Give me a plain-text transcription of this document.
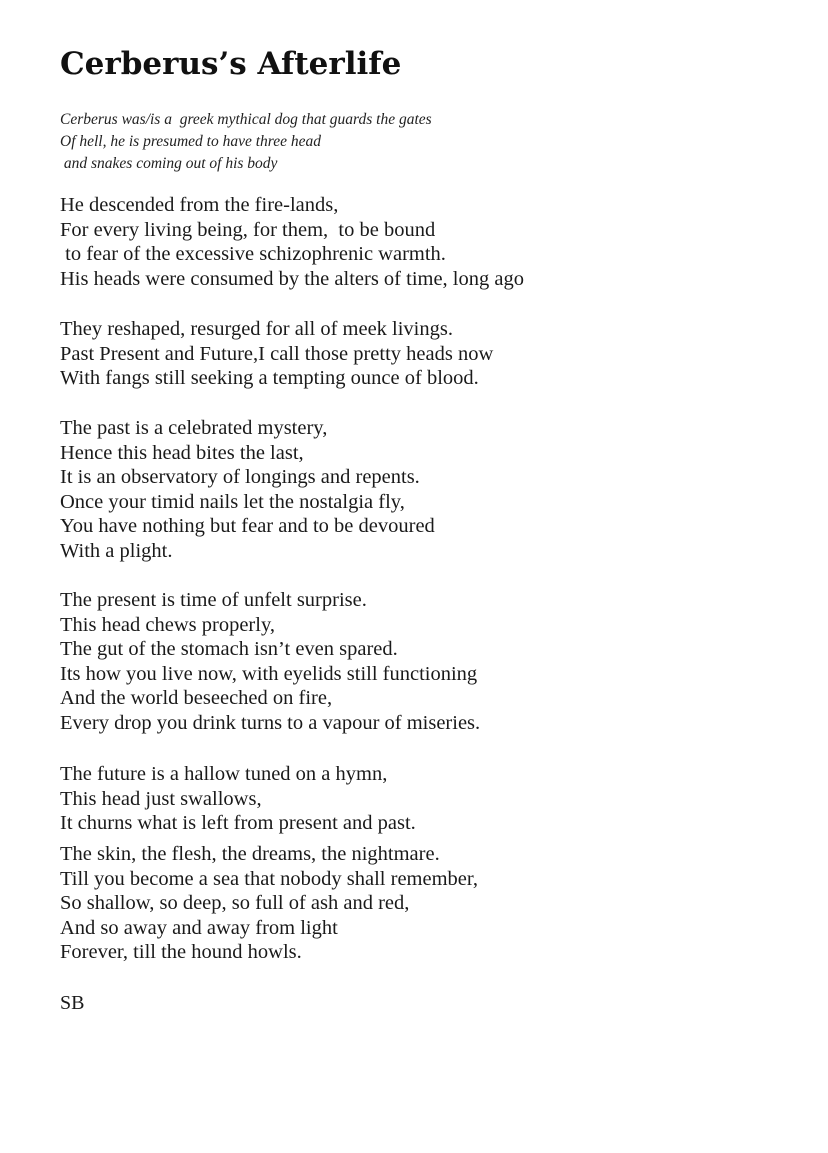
Cerberus’s Afterlife
Cerberus was/is a  greek mythical dog that guards the gates
Of hell, he is presumed to have three head
and snakes coming out of his body
He descended from the fire-lands,
For every living being, for them,  to be bound
to fear of the excessive schizophrenic warmth.
His heads were consumed by the alters of time, long ago
They reshaped, resurged for all of meek livings.
Past Present and Future,I call those pretty heads now
With fangs still seeking a tempting ounce of blood.
The past is a celebrated mystery,
Hence this head bites the last,
It is an observatory of longings and repents.
Once your timid nails let the nostalgia fly,
You have nothing but fear and to be devoured
With a plight.
The present is time of unfelt surprise.
This head chews properly,
The gut of the stomach isn’t even spared.
Its how you live now, with eyelids still functioning
And the world beseeched on fire,
Every drop you drink turns to a vapour of miseries.
The future is a hallow tuned on a hymn,
This head just swallows,
It churns what is left from present and past.
The skin, the flesh, the dreams, the nightmare.
Till you become a sea that nobody shall remember,
So shallow, so deep, so full of ash and red,
And so away and away from light
Forever, till the hound howls.
SB
